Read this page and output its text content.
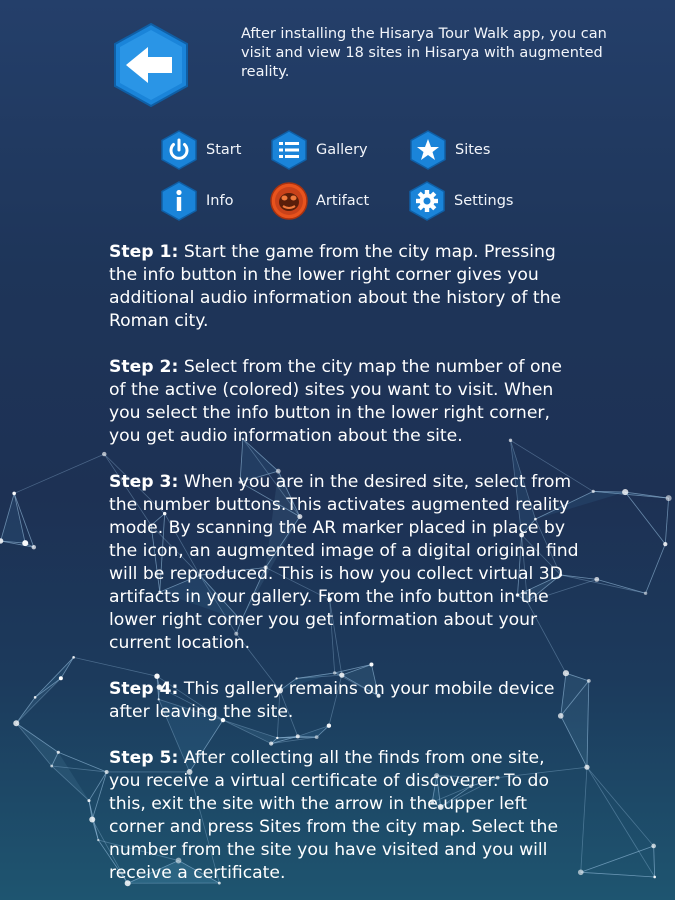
After installing the Hisarya Tour Walk app, you can visit and view 18 sites in Hisarya with augmented reality.
Start	Gallery	Sites
Info	Artifact	Settings

Step 1: Start the game from the city map. Pressing the info button in the lower right corner gives you additional audio information about the history of the Roman city.

Step 2: Select from the city map the number of one of the active (colored) sites you want to visit. When you select the info button in the lower right corner, you get audio information about the site.

Step 3: When you are in the desired site, select from the number buttons.This activates augmented reality mode. By scanning the AR marker placed in place by the icon, an augmented image of a digital original find will be reproduced. This is how you collect virtual 3D artifacts in your gallery. From the info button in the lower right corner you get information about your current location.

Step 4: This gallery remains on your mobile device after leaving the site.

Step 5: After collecting all the finds from one site, you receive a virtual certificate of discoverer. To do this, exit the site with the arrow in the upper left corner and press Sites from the city map. Select the number from the site you have visited and you will receive a certificate.
